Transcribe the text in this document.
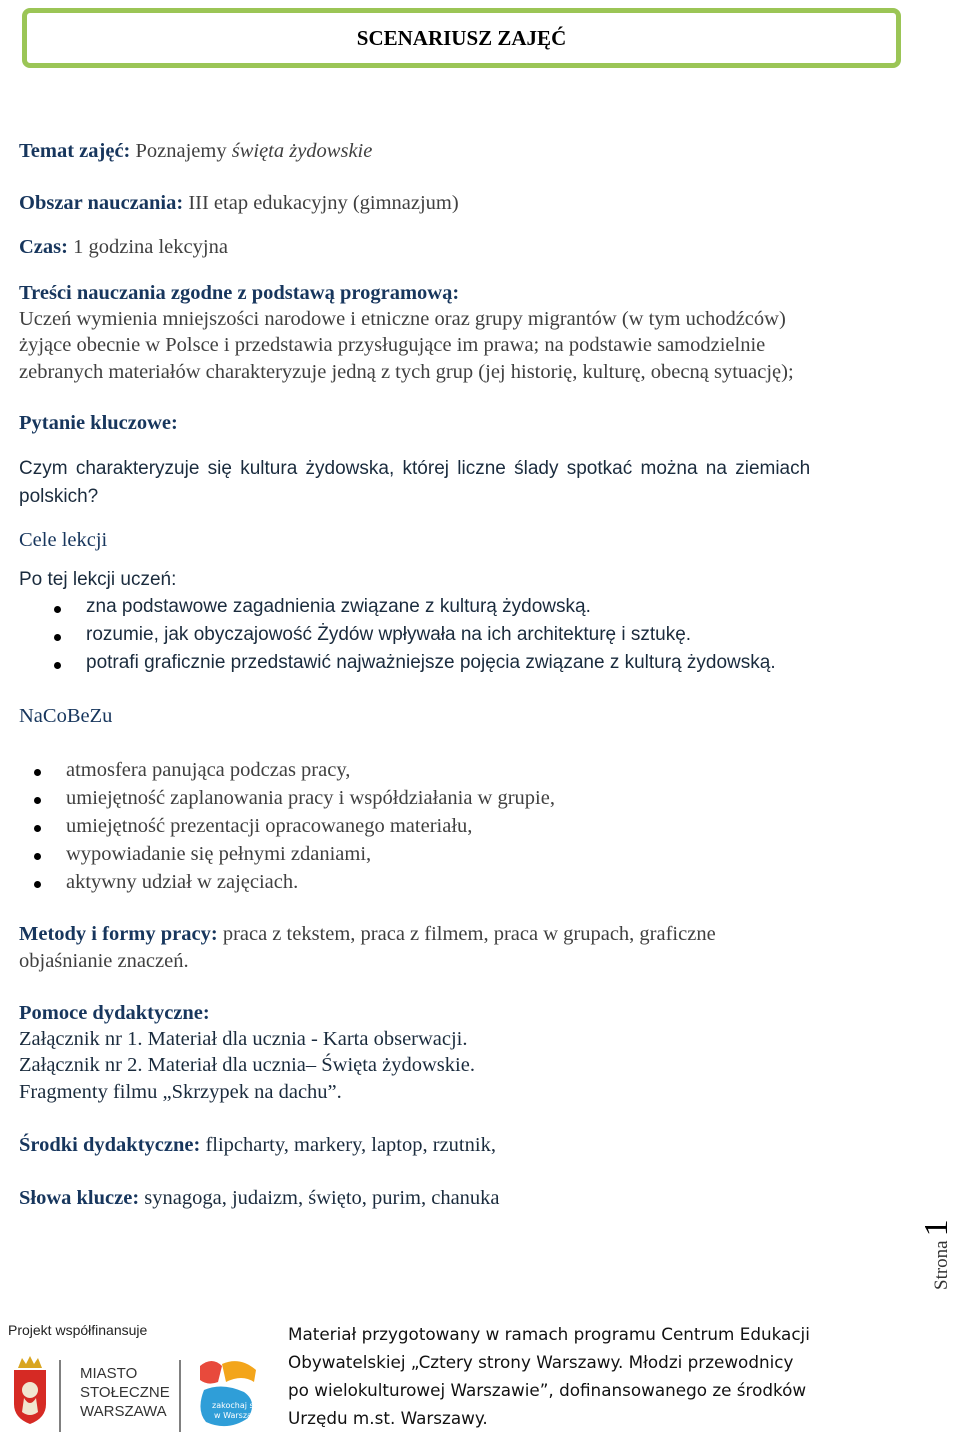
SCENARIUSZ ZAJĘĆ
Temat zajęć: Poznajemy święta żydowskie
Obszar nauczania: III etap edukacyjny (gimnazjum)
Czas: 1 godzina lekcyjna
Treści nauczania zgodne z podstawą programową:
Uczeń wymienia mniejszości narodowe i etniczne oraz grupy migrantów (w tym uchodźców)
żyjące obecnie w Polsce i przedstawia przysługujące im prawa; na podstawie samodzielnie
zebranych materiałów charakteryzuje jedną z tych grup (jej historię, kulturę, obecną sytuację);
Pytanie kluczowe:
Czym charakteryzuje się kultura żydowska, której liczne ślady spotkać można na ziemiach
polskich?
Cele lekcji
Po tej lekcji uczeń:
zna podstawowe zagadnienia związane z kulturą żydowską.
rozumie, jak obyczajowość Żydów wpływała na ich architekturę i sztukę.
potrafi graficznie przedstawić najważniejsze pojęcia związane z kulturą żydowską.
NaCoBeZu
atmosfera panująca podczas pracy,
umiejętność zaplanowania pracy i współdziałania w grupie,
umiejętność prezentacji opracowanego materiału,
wypowiadanie się pełnymi zdaniami,
aktywny udział w zajęciach.
Metody i formy pracy: praca z tekstem, praca z filmem, praca w grupach, graficzne
objaśnianie znaczeń.
Pomoce dydaktyczne:
Załącznik nr 1. Materiał dla ucznia - Karta obserwacji.
Załącznik nr 2. Materiał dla ucznia– Święta żydowskie.
Fragmenty filmu „Skrzypek na dachu”.
Środki dydaktyczne: flipcharty, markery, laptop, rzutnik,
Słowa klucze: synagoga, judaizm, święto, purim, chanuka
Strona1
Projekt współfinansuje
MIASTO
STOŁECZNE
WARSZAWA	zakochaj się
w Warszawie
Materiał przygotowany w ramach programu Centrum Edukacji
Obywatelskiej „Cztery strony Warszawy. Młodzi przewodnicy
po wielokulturowej Warszawie”, dofinansowanego ze środków
Urzędu m.st. Warszawy.
